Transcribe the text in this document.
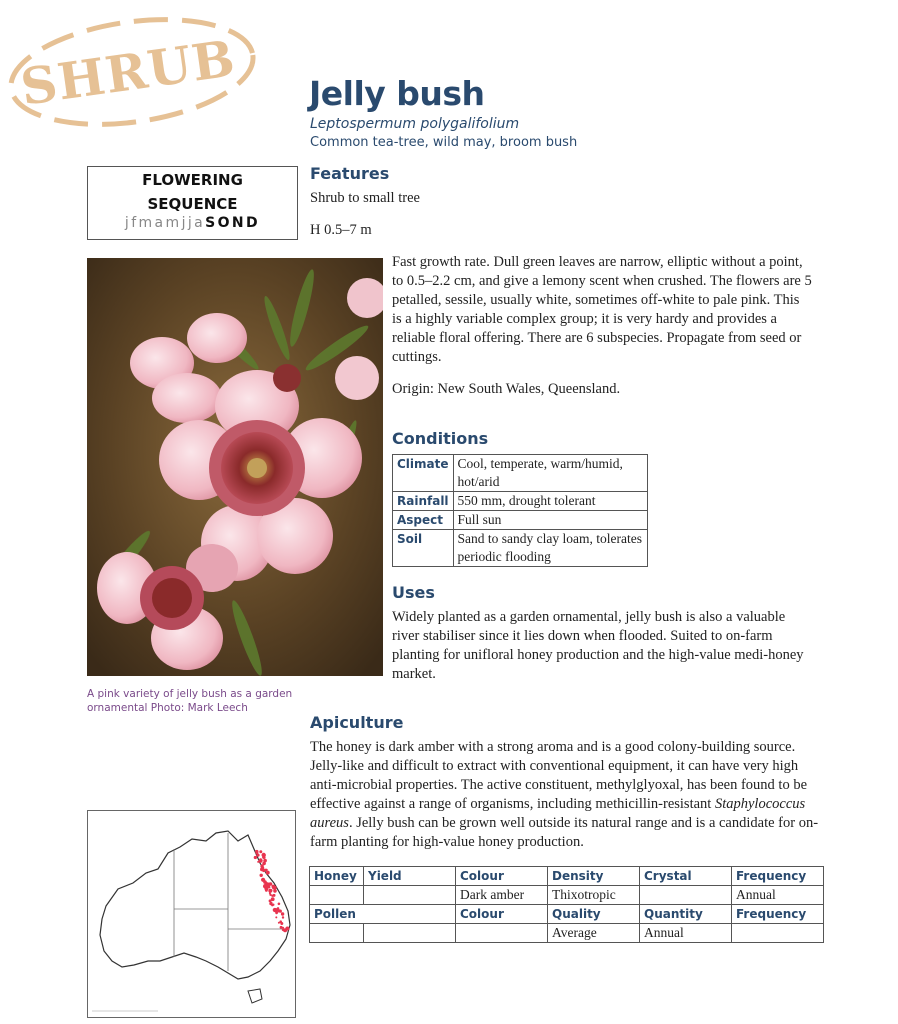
SHRUB Jelly bush
Leptospermum polygalifolium
Common tea-tree, wild may, broom bush
FLOWERING
SEQUENCE
jfmamjjaSOND
Features
Shrub to small tree
H 0.5–7 m
Fast growth rate. Dull green leaves are narrow, elliptic without a point, to 0.5–2.2 cm, and give a lemony scent when crushed. The flowers are 5 petalled, sessile, usually white, sometimes off-white to pale pink. This is a highly variable complex group; it is very hardy and provides a reliable floral offering. There are 6 subspecies. Propagate from seed or cuttings.
Origin: New South Wales, Queensland.
A pink variety of jelly bush as a garden ornamental Photo: Mark Leech
Conditions
Climate	Cool, temperate, warm/humid, hot/arid
Rainfall	550 mm, drought tolerant
Aspect	Full sun
Soil	Sand to sandy clay loam, tolerates periodic flooding
Uses
Widely planted as a garden ornamental, jelly bush is also a valuable river stabiliser since it lies down when flooded. Suited to on-farm planting for unifloral honey production and the high-value medi-honey market.
Apiculture
The honey is dark amber with a strong aroma and is a good colony-building source. Jelly-like and difficult to extract with conventional equipment, it can have very high anti-microbial properties. The active constituent, methylglyoxal, has been found to be effective against a range of organisms, including methicillin-resistant Staphylococcus aureus. Jelly bush can be grown well outside its natural range and is a candidate for on-farm planting for high-value honey production.
Honey	Yield	Colour	Density	Crystal	Frequency
		Dark amber	Thixotropic		Annual
Pollen		Colour	Quality	Quantity	Frequency
			Average	Annual	
